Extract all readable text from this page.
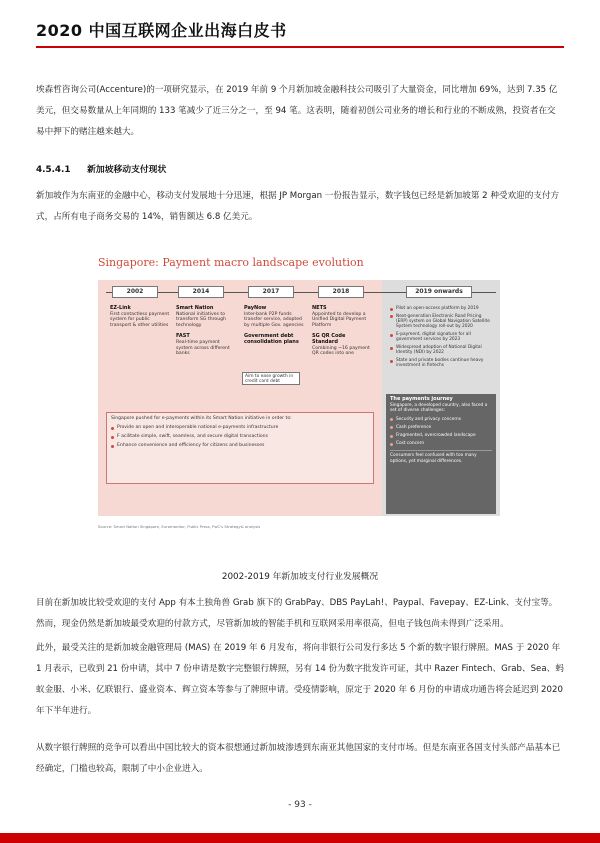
2020 中国互联网企业出海白皮书
埃森哲咨询公司(Accenture)的一项研究显示，在 2019 年前 9 个月新加坡金融科技公司吸引了大量资金，同比增加 69%，达到 7.35 亿美元，但交易数量从上年同期的 133 笔减少了近三分之一，至 94 笔。这表明，随着初创公司业务的增长和行业的不断成熟，投资者在交易中押下的赌注越来越大。
4.5.4.1 新加坡移动支付现状
新加坡作为东南亚的金融中心，移动支付发展地十分迅速，根据 JP Morgan 一份报告显示，数字钱包已经是新加坡第 2 种受欢迎的支付方式，占所有电子商务交易的 14%，销售额达 6.8 亿美元。
Singapore: Payment macro landscape evolution
2002	2014	2017	2018	2019 onwards
EZ-Link
First contactless payment system for public transport & other utilities
Smart Nation
National initiatives to transform SG through technology
FAST
Real-time payment system across different banks
PayNow
Inter-bank P2P funds transfer service, adopted by multiple Gov. agencies
Government debt consolidation plans
Aim to ease growth in credit card debt
NETS
Appointed to develop a Unified Digital Payment Platform
SG QR Code Standard
Combining ~16 payment QR codes into one
Pilot an open-access platform by 2019
Next-generation Electronic Road Pricing (ERP) system on Global Navigation Satellite System technology roll-out by 2020
E-payment, digital signature for all government services by 2023
Widespread adoption of National Digital Identity (NDI) by 2022
State and private bodies continue heavy investment in fintechs
The payments journey
Singapore, a developed country, also faced a set of diverse challenges:
Security and privacy concerns
Cash preference
Fragmented, overcrowded landscape
Cost concern
Consumers feel confused with too many options, yet marginal differences.
Singapore pushed for e-payments within its Smart Nation initiative in order to:
Provide an open and interoperable national e-payments infrastructure
F acilitate simple, swift, seamless, and secure digital transactions
Enhance convenience and efficiency for citizens and businesses
Source: Smart Nation Singapore, Euromonitor, Public Press, PwC's Strategy& analysis
2002-2019 年新加坡支付行业发展概况
目前在新加坡比较受欢迎的支付 App 有本土独角兽 Grab 旗下的 GrabPay、DBS PayLah!、Paypal、Favepay、EZ-Link、支付宝等。然而，现金仍然是新加坡最受欢迎的付款方式，尽管新加坡的智能手机和互联网采用率很高，但电子钱包尚未得到广泛采用。
此外，最受关注的是新加坡金融管理局 (MAS) 在 2019 年 6 月发布，将向非银行公司发行多达 5 个新的数字银行牌照。MAS 于 2020 年 1 月表示，已收到 21 份申请，其中 7 份申请是数字完整银行牌照，另有 14 份为数字批发许可证，其中 Razer Fintech、Grab、Sea、蚂蚁金服、小米、亿联银行、盛业资本、辉立资本等参与了牌照申请。受疫情影响，原定于 2020 年 6 月份的申请成功通告将会延迟到 2020 年下半年进行。
从数字银行牌照的竞争可以看出中国比较大的资本很想通过新加坡渗透到东南亚其他国家的支付市场。但是东南亚各国支付头部产品基本已经确定，门槛也较高，限制了中小企业进入。
- 93 -
